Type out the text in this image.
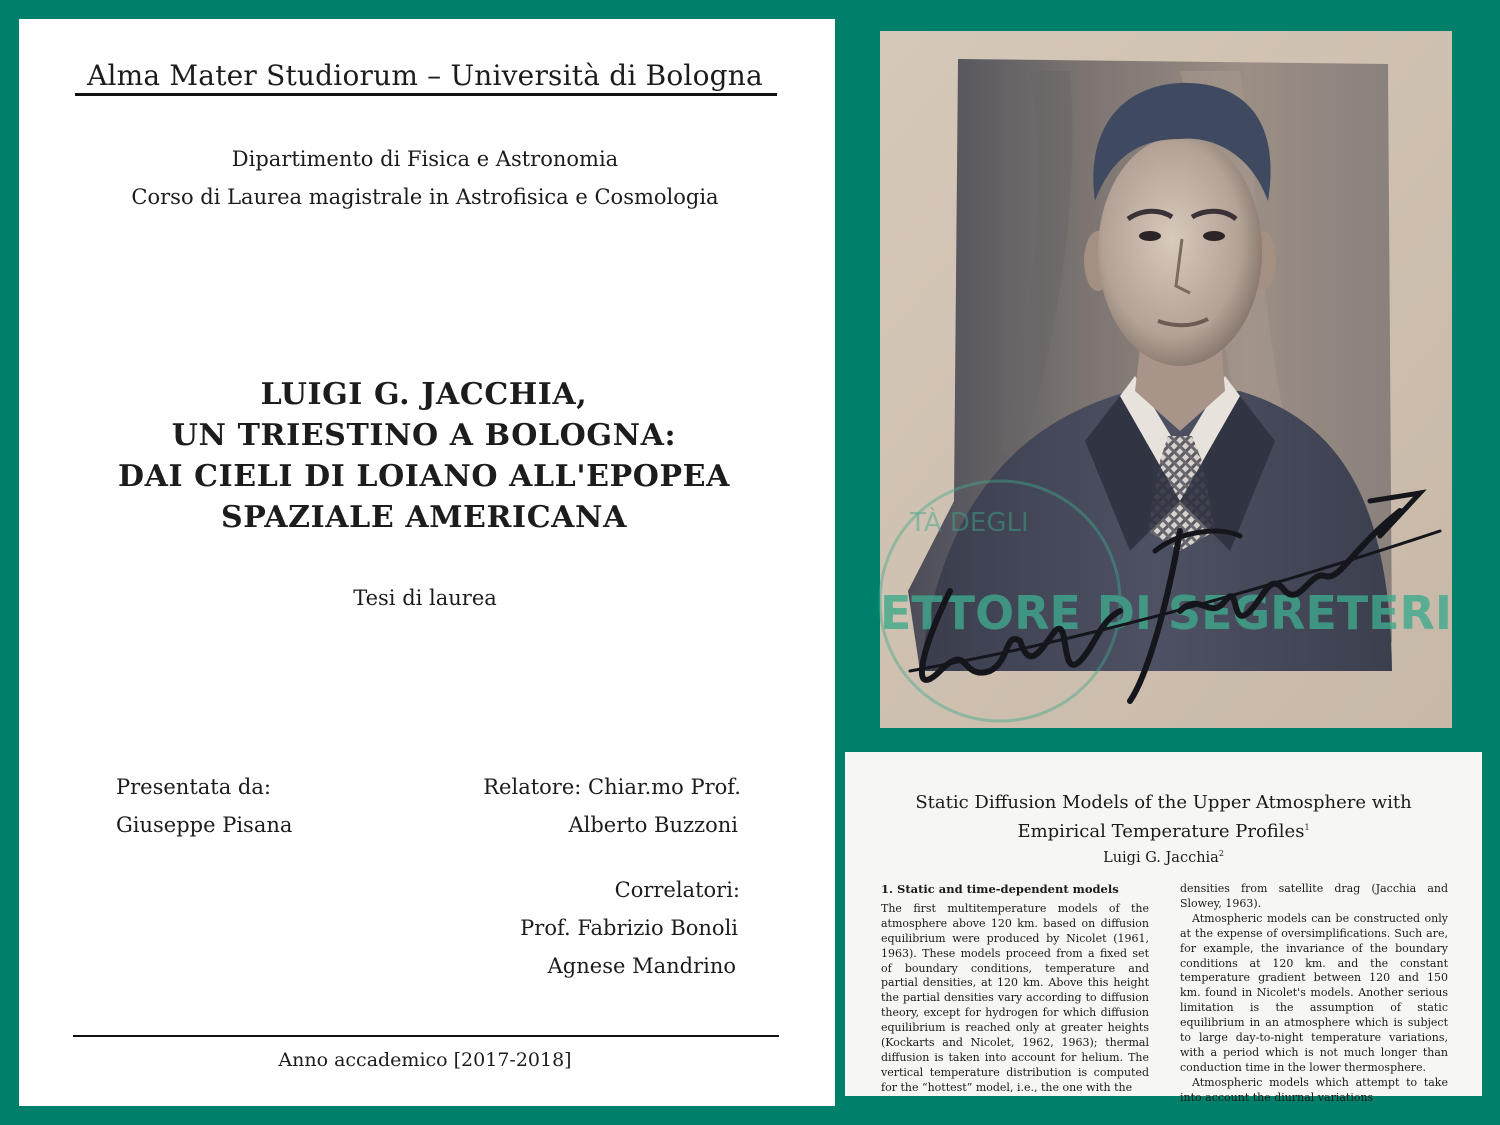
Alma Mater Studiorum – Università di Bologna
Dipartimento di Fisica e Astronomia
Corso di Laurea magistrale in Astrofisica e Cosmologia
LUIGI G. JACCHIA,
UN TRIESTINO A BOLOGNA:
DAI CIELI DI LOIANO ALL'EPOPEA
SPAZIALE AMERICANA
Tesi di laurea
Presentata da:
Giuseppe Pisana
Relatore: Chiar.mo Prof.
Alberto Buzzoni
Correlatori:
Prof. Fabrizio Bonoli
Agnese Mandrino
Anno accademico [2017-2018]
TÀ DEGLI
ETTORE DI SEGRETERI
Static Diffusion Models of the Upper Atmosphere with
Empirical Temperature Profiles$^1$
Luigi G. Jacchia$^2$

1. Static and time-dependent models

The first multitemperature models of the atmosphere above 120 km. based on diffusion equilibrium were produced by Nicolet (1961, 1963). These models proceed from a fixed set of boundary conditions, temperature and partial densities, at 120 km. Above this height the partial densities vary according to diffusion theory, except for hydrogen for which diffusion equilibrium is reached only at greater heights (Kockarts and Nicolet, 1962, 1963); thermal diffusion is taken into account for helium. The vertical temperature distribution is computed for the “hottest” model, i.e., the one with the

densities from satellite drag (Jacchia and Slowey, 1963).

Atmospheric models can be constructed only at the expense of oversimplifications. Such are, for example, the invariance of the boundary conditions at 120 km. and the constant temperature gradient between 120 and 150 km. found in Nicolet's models. Another serious limitation is the assumption of static equilibrium in an atmosphere which is subject to large day-to-night temperature variations, with a period which is not much longer than conduction time in the lower thermosphere.

Atmospheric models which attempt to take into account the diurnal variations
